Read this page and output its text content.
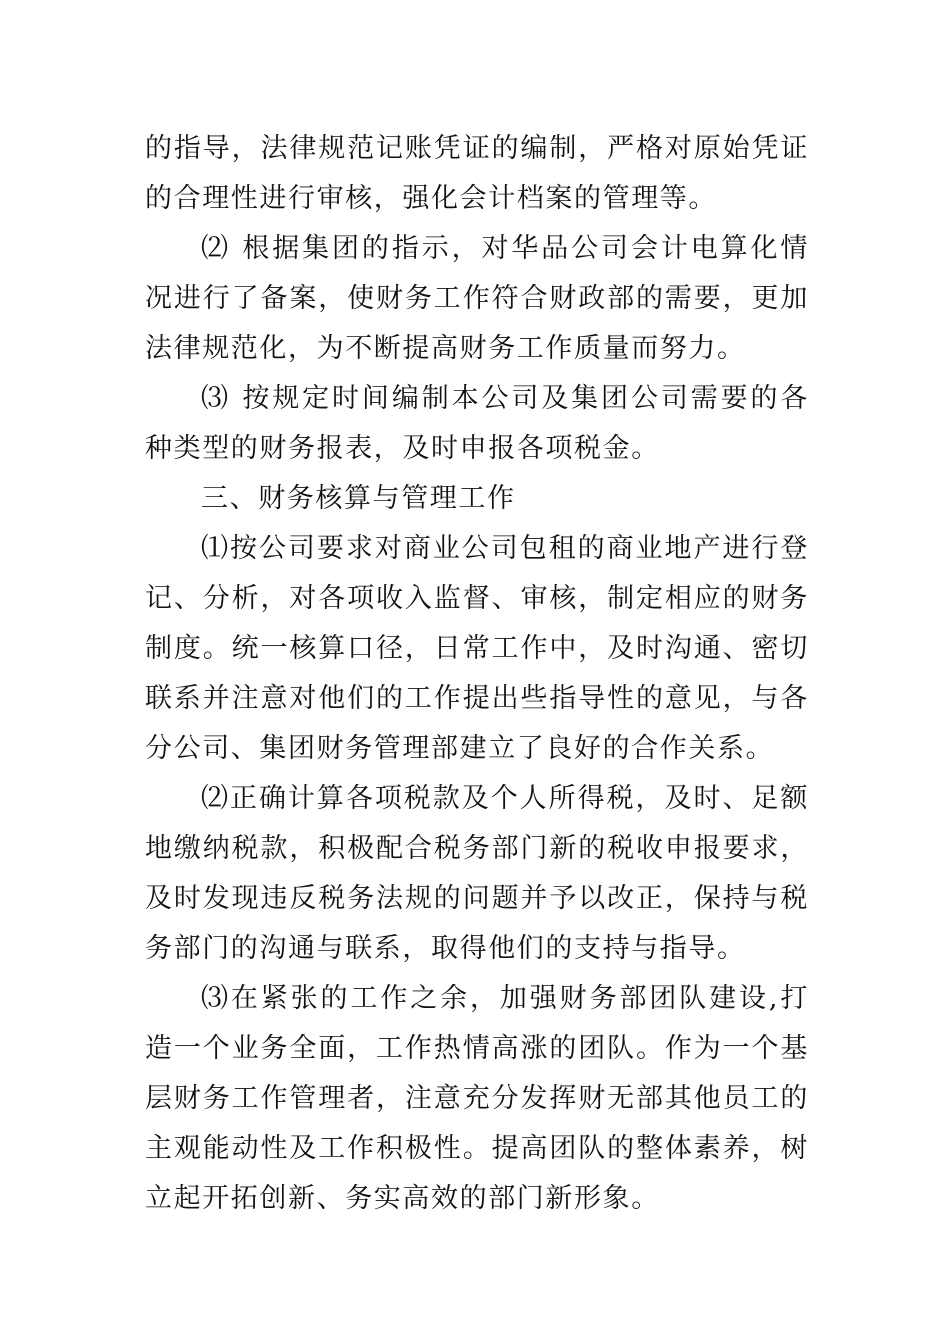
的指导，法律规范记账凭证的编制，严格对原始凭证的合理性进行审核，强化会计档案的管理等。

⑵ 根据集团的指示，对华品公司会计电算化情况进行了备案，使财务工作符合财政部的需要，更加法律规范化，为不断提高财务工作质量而努力。

⑶ 按规定时间编制本公司及集团公司需要的各种类型的财务报表，及时申报各项税金。

三、财务核算与管理工作

⑴按公司要求对商业公司包租的商业地产进行登记、分析，对各项收入监督、审核，制定相应的财务制度。统一核算口径，日常工作中，及时沟通、密切联系并注意对他们的工作提出些指导性的意见，与各分公司、集团财务管理部建立了良好的合作关系。

⑵正确计算各项税款及个人所得税，及时、足额地缴纳税款，积极配合税务部门新的税收申报要求，及时发现违反税务法规的问题并予以改正，保持与税务部门的沟通与联系，取得他们的支持与指导。

⑶在紧张的工作之余，加强财务部团队建设,打造一个业务全面，工作热情高涨的团队。作为一个基层财务工作管理者，注意充分发挥财无部其他员工的主观能动性及工作积极性。提高团队的整体素养，树立起开拓创新、务实高效的部门新形象。
